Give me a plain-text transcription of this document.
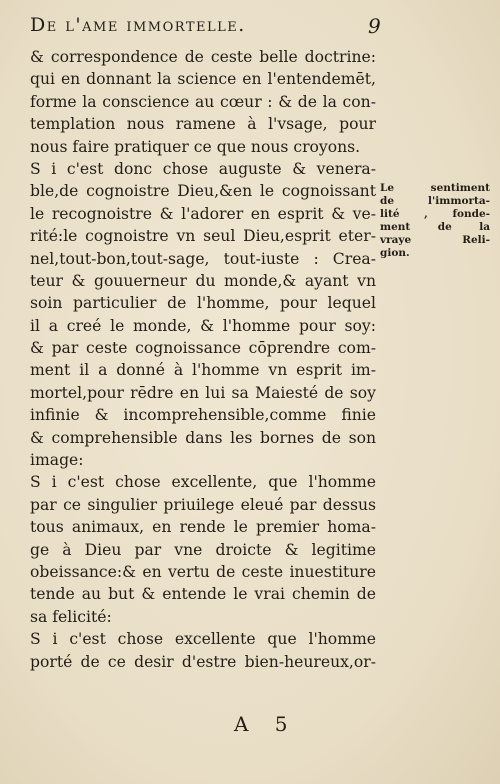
De l'ame immortelle.	9
& correspondence de ceste belle doctrine:
qui en donnant la science en l'entendemēt,
forme la conscience au cœur : & de la con-
templation nous ramene à l'vsage, pour
nous faire pratiquer ce que nous croyons.
S i c'est donc chose auguste & venera-
ble,de cognoistre Dieu,&en le cognoissant
le recognoistre & l'adorer en esprit & ve-
rité:le cognoistre vn seul Dieu,esprit eter-
nel,tout-bon,tout-sage, tout-iuste : Crea-
teur & gouuerneur du monde,& ayant vn
soin particulier de l'homme, pour lequel
il a creé le monde, & l'homme pour soy:
& par ceste cognoissance cōprendre com-
ment il a donné à l'homme vn esprit im-
mortel,pour rēdre en lui sa Maiesté de soy
infinie & incomprehensible,comme finie
& comprehensible dans les bornes de son
image:
S i c'est chose excellente, que l'homme
par ce singulier priuilege eleué par dessus
tous animaux, en rende le premier homa-
ge à Dieu par vne droicte & legitime
obeissance:& en vertu de ceste inuestiture
tende au but & entende le vrai chemin de
sa felicité:
S i c'est chose excellente que l'homme
porté de ce desir d'estre bien-heureux,or-
Le sentiment
de l'immorta-
lité , fonde-
ment de la
vraye Reli-
gion.
A 5
